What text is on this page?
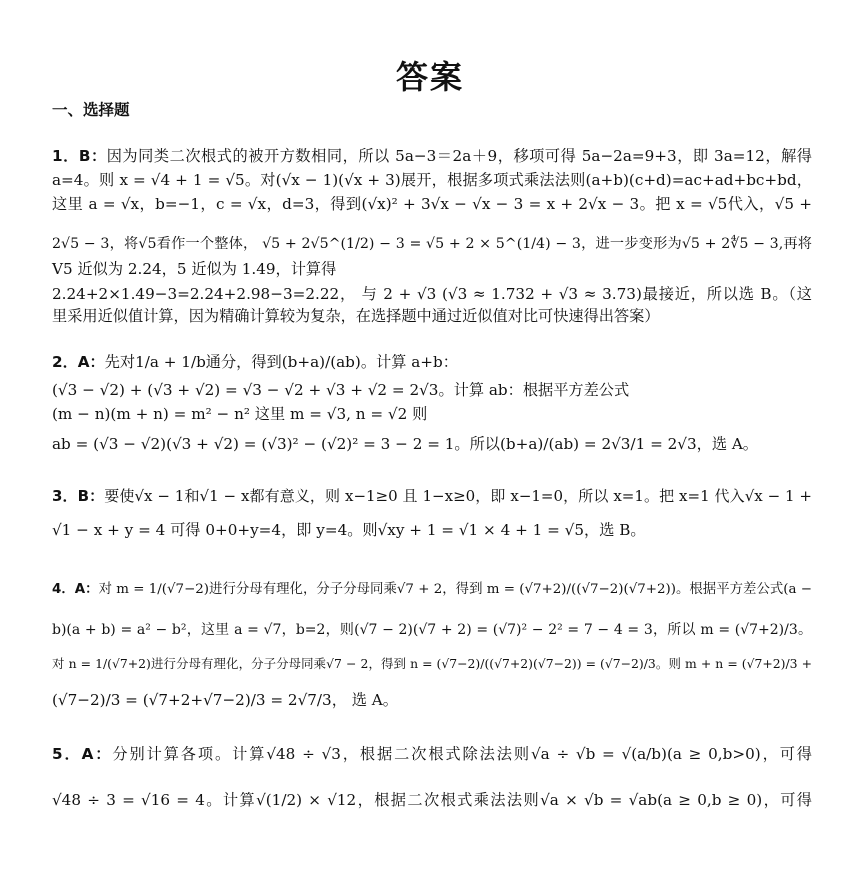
答案
一、选择题
1．B：因为同类二次根式的被开方数相同，所以 5a−3＝2a＋9，移项可得 5a−2a=9+3，即 3a=12，解得
a=4。则 x = √4 + 1 = √5。对(√x − 1)(√x + 3)展开，根据多项式乘法法则(a+b)(c+d)=ac+ad+bc+bd，
这里 a = √x，b=−1，c = √x，d=3，得到(√x)² + 3√x − √x − 3 = x + 2√x − 3。把 x = √5代入，√5 +
2√5 − 3，将√5看作一个整体， √5 + 2√5^(1/2) − 3 = √5 + 2 × 5^(1/4) − 3，进一步变形为√5 + 2∜5 − 3,再将
V5 近似为 2.24，5 近似为 1.49，计算得
2.24+2×1.49−3=2.24+2.98−3=2.22， 与 2 + √3 (√3 ≈ 1.732 + √3 ≈ 3.73)最接近，所以选 B。（这
里采用近似值计算，因为精确计算较为复杂，在选择题中通过近似值对比可快速得出答案）
2．A：先对1/a + 1/b通分，得到(b+a)/(ab)。计算 a+b：
(√3 − √2) + (√3 + √2) = √3 − √2 + √3 + √2 = 2√3。计算 ab：根据平方差公式
(m − n)(m + n) = m² − n² 这里 m = √3, n = √2 则
ab = (√3 − √2)(√3 + √2) = (√3)² − (√2)² = 3 − 2 = 1。所以(b+a)/(ab) = 2√3/1 = 2√3，选 A。
3．B：要使√x − 1和√1 − x都有意义，则 x−1≥0 且 1−x≥0，即 x−1=0，所以 x=1。把 x=1 代入√x − 1 +
√1 − x + y = 4 可得 0+0+y=4，即 y=4。则√xy + 1 = √1 × 4 + 1 = √5，选 B。
4．A：对 m = 1/(√7−2)进行分母有理化，分子分母同乘√7 + 2，得到 m = (√7+2)/((√7−2)(√7+2))。根据平方差公式(a −
b)(a + b) = a² − b²，这里 a = √7，b=2，则(√7 − 2)(√7 + 2) = (√7)² − 2² = 7 − 4 = 3，所以 m = (√7+2)/3。
对 n = 1/(√7+2)进行分母有理化，分子分母同乘√7 − 2，得到 n = (√7−2)/((√7+2)(√7−2)) = (√7−2)/3。则 m + n = (√7+2)/3 +
(√7−2)/3 = (√7+2+√7−2)/3 = 2√7/3， 选 A。
5．A：分别计算各项。计算√48 ÷ √3，根据二次根式除法法则√a ÷ √b = √(a/b)(a ≥ 0,b>0)，可得
√48 ÷ 3 = √16 = 4。计算√(1/2) × √12，根据二次根式乘法法则√a × √b = √ab(a ≥ 0,b ≥ 0)，可得
